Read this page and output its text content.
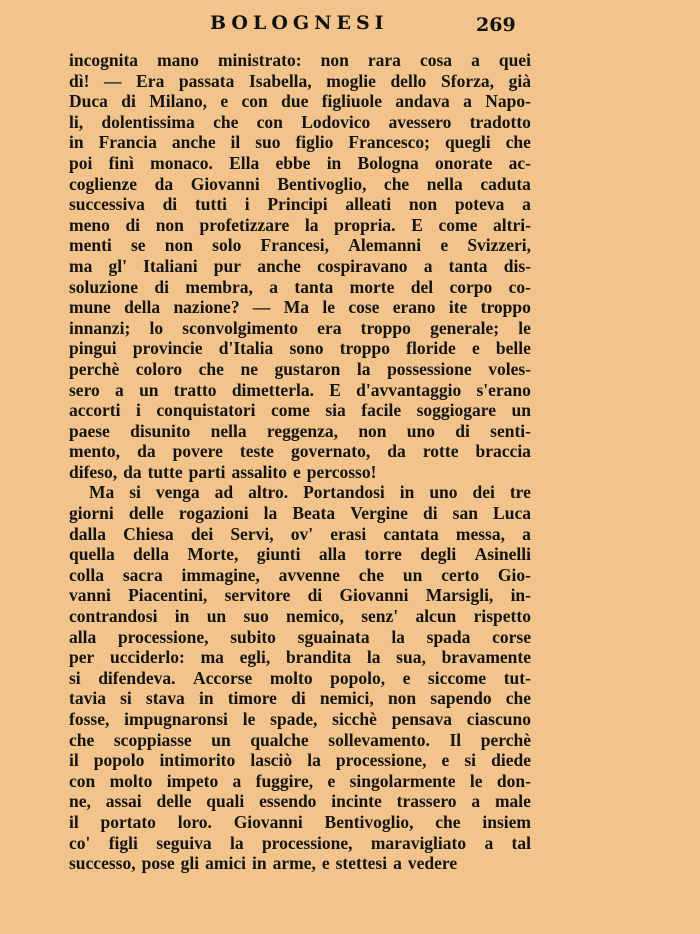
BOLOGNESI	269
incognita mano ministrato: non rara cosa a quei
dì! — Era passata Isabella, moglie dello Sforza, già
Duca di Milano, e con due figliuole andava a Napo-
li, dolentissima che con Lodovico avessero tradotto
in Francia anche il suo figlio Francesco; quegli che
poi finì monaco. Ella ebbe in Bologna onorate ac-
coglienze da Giovanni Bentivoglio, che nella caduta
successiva di tutti i Principi alleati non poteva a
meno di non profetizzare la propria. E come altri-
menti se non solo Francesi, Alemanni e Svizzeri,
ma gl' Italiani pur anche cospiravano a tanta dis-
soluzione di membra, a tanta morte del corpo co-
mune della nazione? — Ma le cose erano ite troppo
innanzi; lo sconvolgimento era troppo generale; le
pingui provincie d'Italia sono troppo floride e belle
perchè coloro che ne gustaron la possessione voles-
sero a un tratto dimetterla. E d'avvantaggio s'erano
accorti i conquistatori come sia facile soggiogare un
paese disunito nella reggenza, non uno di senti-
mento, da povere teste governato, da rotte braccia
difeso, da tutte parti assalito e percosso!
Ma si venga ad altro. Portandosi in uno dei tre
giorni delle rogazioni la Beata Vergine di san Luca
dalla Chiesa dei Servi, ov' erasi cantata messa, a
quella della Morte, giunti alla torre degli Asinelli
colla sacra immagine, avvenne che un certo Gio-
vanni Piacentini, servitore di Giovanni Marsigli, in-
contrandosi in un suo nemico, senz' alcun rispetto
alla processione, subito sguainata la spada corse
per ucciderlo: ma egli, brandita la sua, bravamente
si difendeva. Accorse molto popolo, e siccome tut-
tavia si stava in timore di nemici, non sapendo che
fosse, impugnaronsi le spade, sicchè pensava ciascuno
che scoppiasse un qualche sollevamento. Il perchè
il popolo intimorito lasciò la processione, e si diede
con molto impeto a fuggire, e singolarmente le don-
ne, assai delle quali essendo incinte trassero a male
il portato loro. Giovanni Bentivoglio, che insiem
co' figli seguiva la processione, maravigliato a tal
successo, pose gli amici in arme, e stettesi a vedere
